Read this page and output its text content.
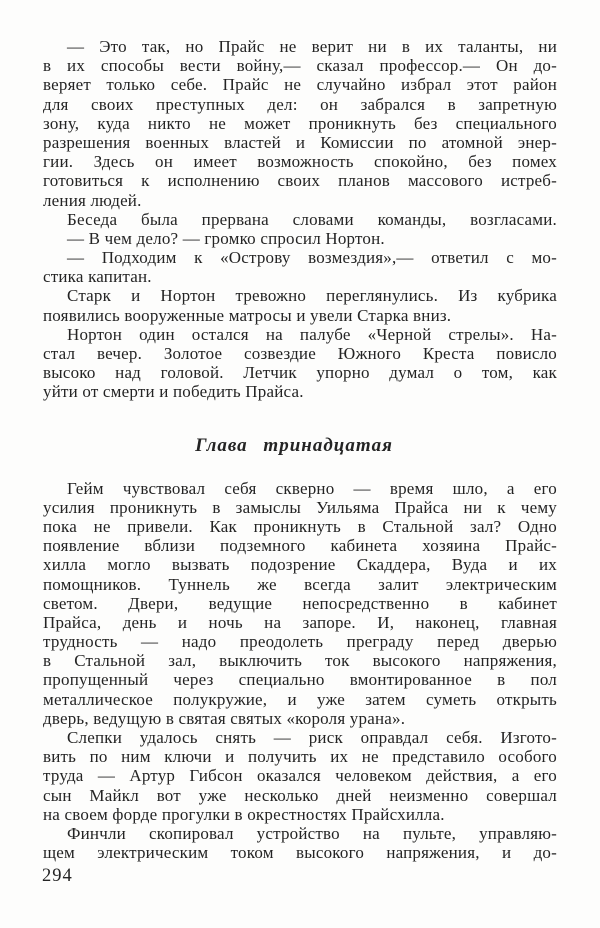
— Это так, но Прайс не верит ни в их таланты, ни
в их способы вести войну,— сказал профессор.— Он до-
веряет только себе. Прайс не случайно избрал этот район
для своих преступных дел: он забрался в запретную
зону, куда никто не может проникнуть без специального
разрешения военных властей и Комиссии по атомной энер-
гии. Здесь он имеет возможность спокойно, без помех
готовиться к исполнению своих планов массового истреб-
ления людей.
Беседа была прервана словами команды, возгласами.
— В чем дело? — громко спросил Нортон.
— Подходим к «Острову возмездия»,— ответил с мо-
стика капитан.
Старк и Нортон тревожно переглянулись. Из кубрика
появились вооруженные матросы и увели Старка вниз.
Нортон один остался на палубе «Черной стрелы». На-
стал вечер. Золотое созвездие Южного Креста повисло
высоко над головой. Летчик упорно думал о том, как
уйти от смерти и победить Прайса.
Глава тринадцатая
Гейм чувствовал себя скверно — время шло, а его
усилия проникнуть в замыслы Уильяма Прайса ни к чему
пока не привели. Как проникнуть в Стальной зал? Одно
появление вблизи подземного кабинета хозяина Прайс-
хилла могло вызвать подозрение Скаддера, Вуда и их
помощников. Туннель же всегда залит электрическим
светом. Двери, ведущие непосредственно в кабинет
Прайса, день и ночь на запоре. И, наконец, главная
трудность — надо преодолеть преграду перед дверью
в Стальной зал, выключить ток высокого напряжения,
пропущенный через специально вмонтированное в пол
металлическое полукружие, и уже затем суметь открыть
дверь, ведущую в святая святых «короля урана».
Слепки удалось снять — риск оправдал себя. Изгото-
вить по ним ключи и получить их не представило особого
труда — Артур Гибсон оказался человеком действия, а его
сын Майкл вот уже несколько дней неизменно совершал
на своем форде прогулки в окрестностях Прайсхилла.
Финчли скопировал устройство на пульте, управляю-
щем электрическим током высокого напряжения, и до-
294
